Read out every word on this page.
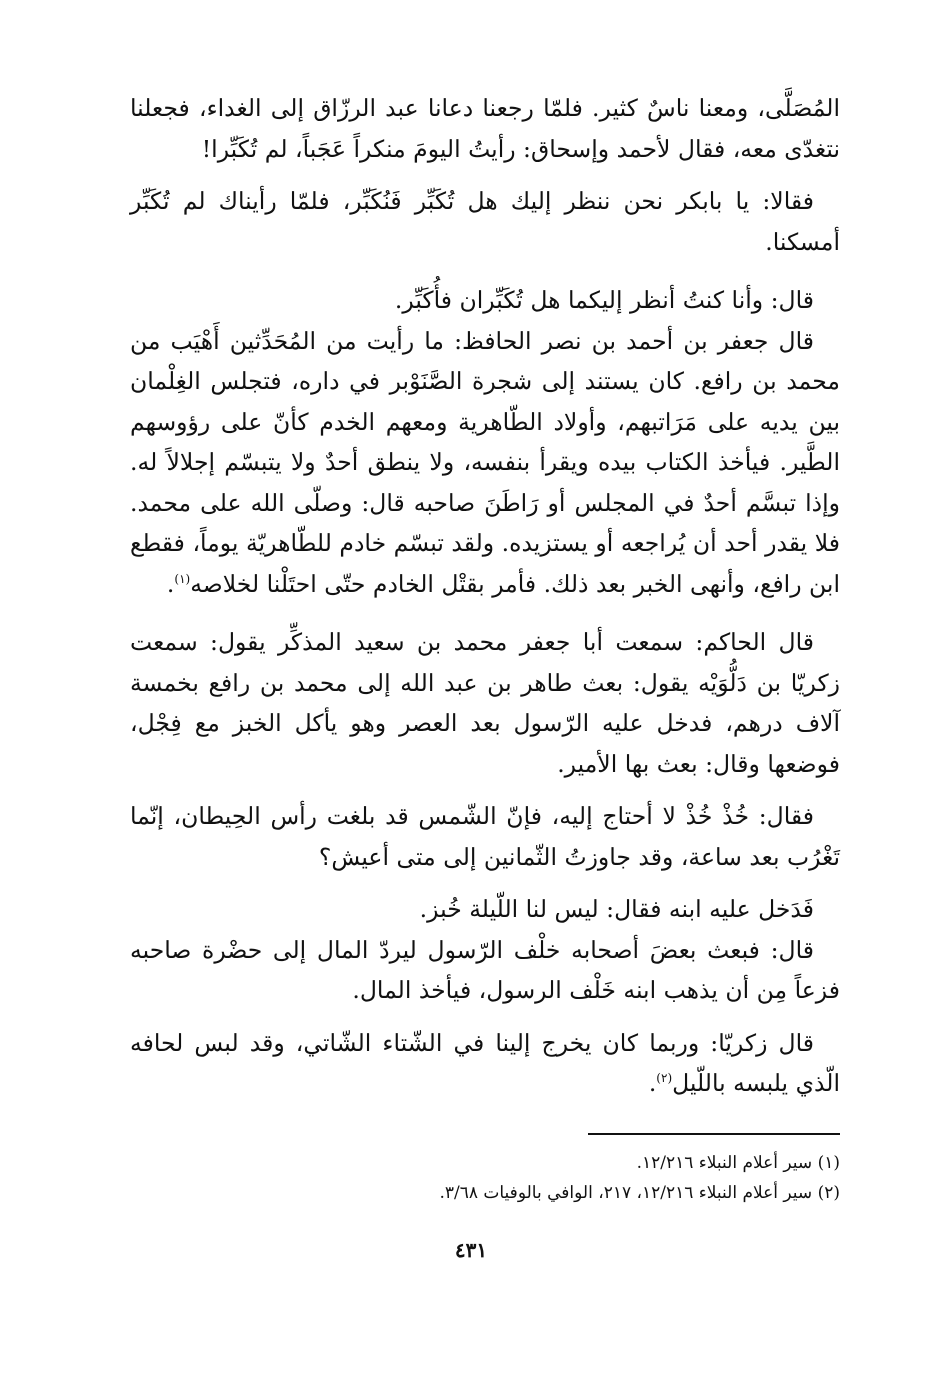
المُصَلَّى، ومعنا ناسٌ كثير. فلمّا رجعنا دعانا عبد الرزّاق إلى الغداء، فجعلنا نتغدّى معه، فقال لأحمد وإسحاق: رأيتُ اليومَ منكراً عَجَباً، لم تُكَبِّرا!

فقالا: يا بابكر نحن ننظر إليك هل تُكَبِّر فَنُكَبِّر، فلمّا رأيناك لم تُكَبِّر أمسكنا.

قال: وأنا كنتُ أنظر إليكما هل تُكَبِّران فأُكَبِّر.

قال جعفر بن أحمد بن نصر الحافظ: ما رأيت من المُحَدِّثين أَهْيَب من محمد بن رافع. كان يستند إلى شجرة الصَّنَوْبر في داره، فتجلس الغِلْمان بين يديه على مَرَاتبهم، وأولاد الطّاهرية ومعهم الخدم كأنّ على رؤوسهم الطَّير. فيأخذ الكتاب بيده ويقرأ بنفسه، ولا ينطق أحدٌ ولا يتبسّم إجلالاً له. وإذا تبسَّم أحدٌ في المجلس أو رَاطَنَ صاحبه قال: وصلّى الله على محمد. فلا يقدر أحد أن يُراجعه أو يستزيده. ولقد تبسّم خادم للطّاهريّة يوماً، فقطع ابن رافع، وأنهى الخبر بعد ذلك. فأمر بقتْل الخادم حتّى احتَلْنا لخلاصه$^{(١)}$.

قال الحاكم: سمعت أبا جعفر محمد بن سعيد المذكِّر يقول: سمعت زكريّا بن دَلُّوَيْه يقول: بعث طاهر بن عبد الله إلى محمد بن رافع بخمسة آلاف درهم، فدخل عليه الرّسول بعد العصر وهو يأكل الخبز مع فِجْل، فوضعها وقال: بعث بها الأمير.

فقال: خُذْ خُذْ لا أحتاج إليه، فإنّ الشّمس قد بلغت رأس الحِيطان، إنّما تَغْرُب بعد ساعة، وقد جاوزتُ الثّمانين إلى متى أعيش؟

فَدَخل عليه ابنه فقال: ليس لنا اللّيلة خُبز.

قال: فبعث بعضَ أصحابه خلْف الرّسول ليردّ المال إلى حضْرة صاحبه فزعاً مِن أن يذهب ابنه خَلْف الرسول، فيأخذ المال.

قال زكريّا: وربما كان يخرج إلينا في الشّتاء الشّاتي، وقد لبس لحافه الّذي يلبسه باللّيل$^{(٢)}$.

(١) سير أعلام النبلاء ١٢/٢١٦.

(٢) سير أعلام النبلاء ١٢/٢١٦، ٢١٧، الوافي بالوفيات ٣/٦٨.

٤٣١
